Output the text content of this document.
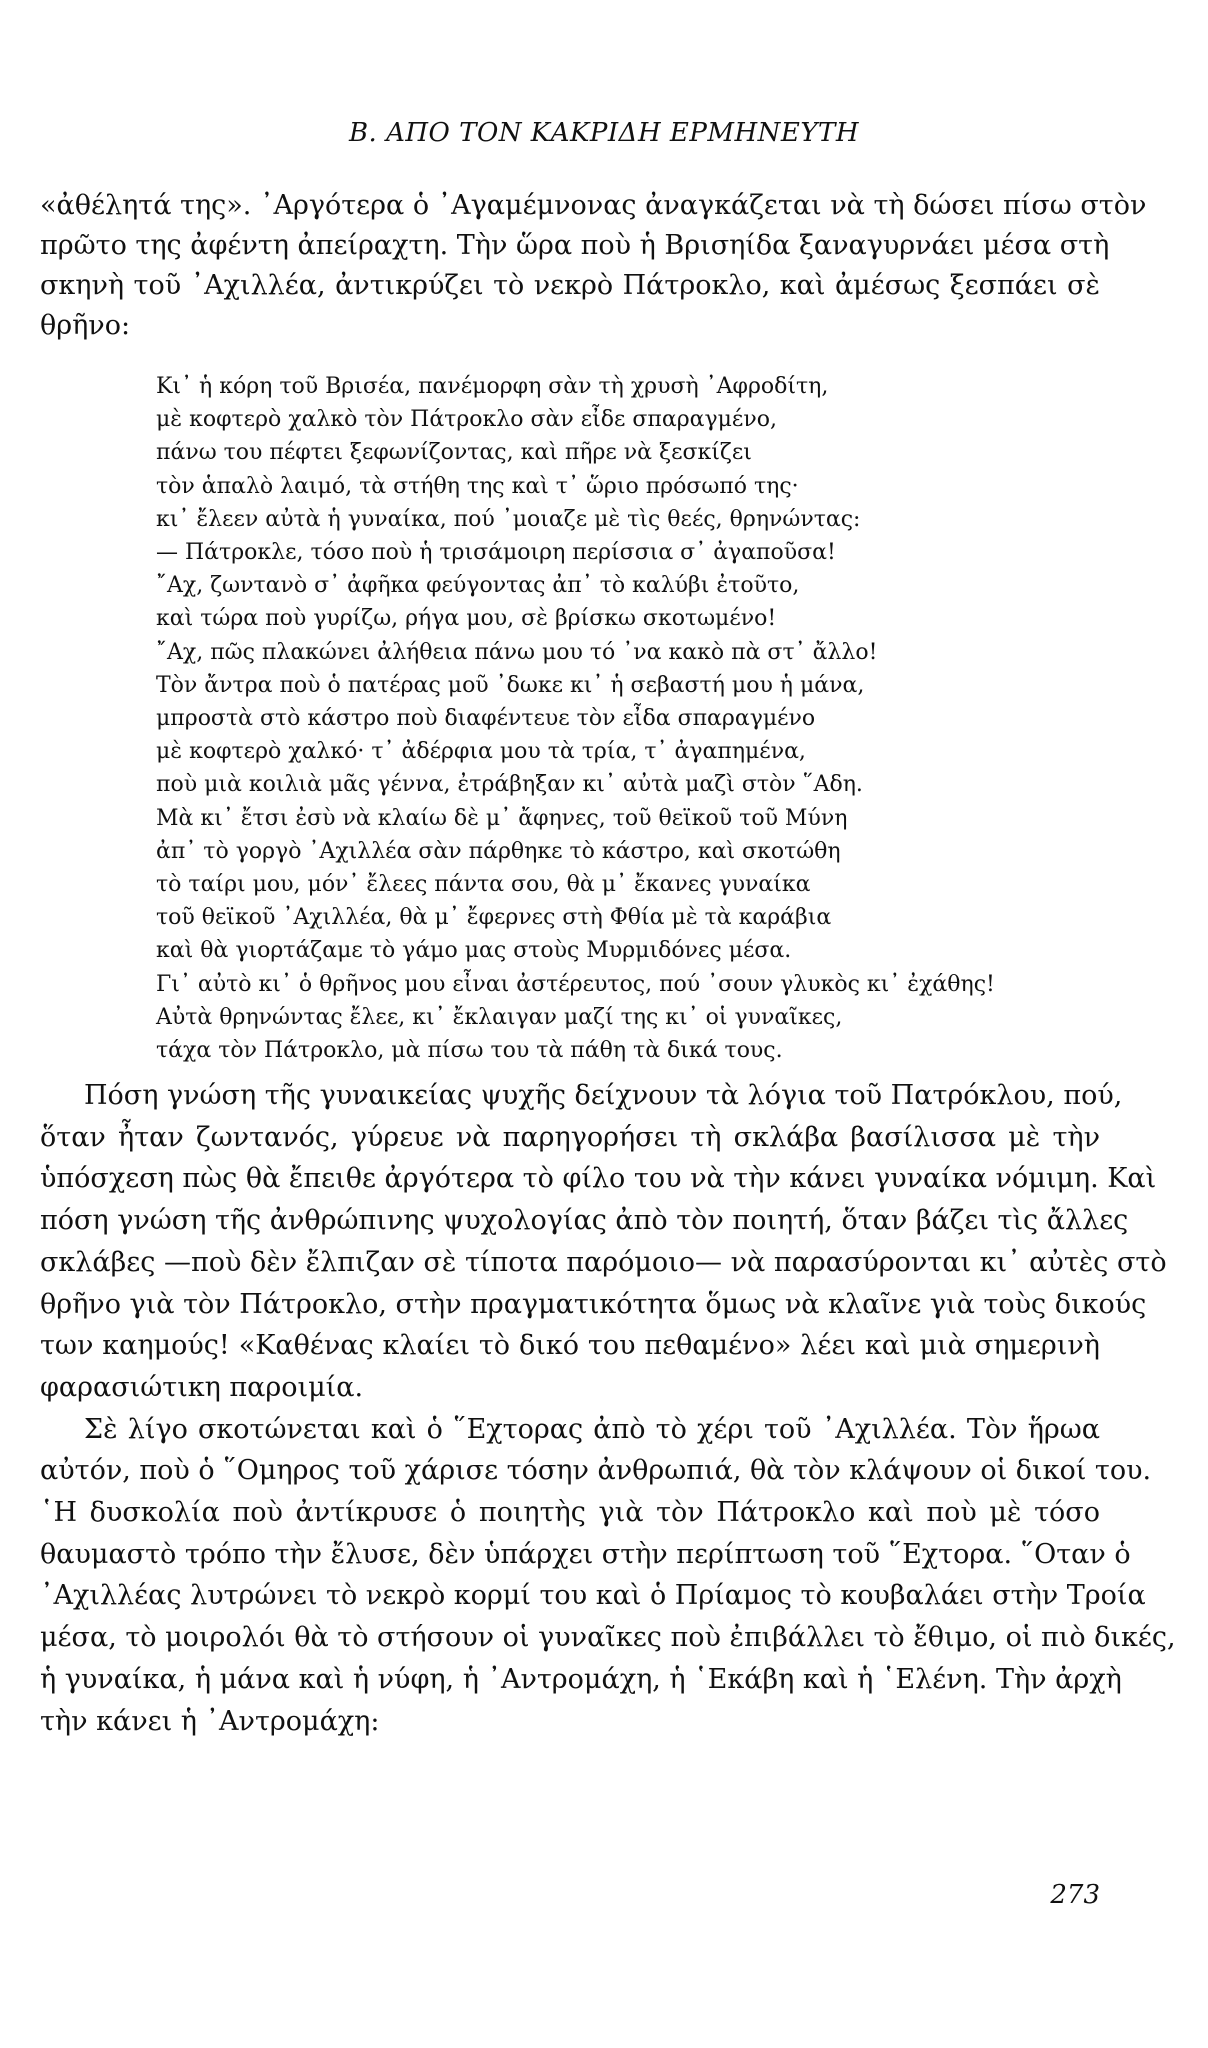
B. ΑΠΟ ΤΟΝ ΚΑΚΡΙΔΗ ΕΡΜΗΝΕΥΤΗ
«ἀθέλητά της». ᾽Αργότερα ὁ ᾽Αγαμέμνονας ἀναγκάζεται νὰ τὴ δώσει πίσω στὸν
πρῶτο της ἀφέντη ἀπείραχτη. Τὴν ὥρα ποὺ ἡ Βρισηίδα ξαναγυρνάει μέσα στὴ
σκηνὴ τοῦ ᾽Αχιλλέα, ἀντικρύζει τὸ νεκρὸ Πάτροκλο, καὶ ἀμέσως ξεσπάει σὲ
θρῆνο:
Κι᾽ ἡ κόρη τοῦ Βρισέα, πανέμορφη σὰν τὴ χρυσὴ ᾽Αφροδίτη,
μὲ κοφτερὸ χαλκὸ τὸν Πάτροκλο σὰν εἶδε σπαραγμένο,
πάνω του πέφτει ξεφωνίζοντας, καὶ πῆρε νὰ ξεσκίζει
τὸν ἁπαλὸ λαιμό, τὰ στήθη της καὶ τ᾽ ὥριο πρόσωπό της·
κι᾽ ἔλεεν αὐτὰ ἡ γυναίκα, πού ᾽μοιαζε μὲ τὶς θεές, θρηνώντας:
— Πάτροκλε, τόσο ποὺ ἡ τρισάμοιρη περίσσια σ᾽ ἀγαποῦσα!
῎Αχ, ζωντανὸ σ᾽ ἀφῆκα φεύγοντας ἀπ᾽ τὸ καλύβι ἐτοῦτο,
καὶ τώρα ποὺ γυρίζω, ρήγα μου, σὲ βρίσκω σκοτωμένο!
῎Αχ, πῶς πλακώνει ἀλήθεια πάνω μου τό ᾽να κακὸ πὰ στ᾽ ἄλλο!
Τὸν ἄντρα ποὺ ὁ πατέρας μοῦ ᾽δωκε κι᾽ ἡ σεβαστή μου ἡ μάνα,
μπροστὰ στὸ κάστρο ποὺ διαφέντευε τὸν εἶδα σπαραγμένο
μὲ κοφτερὸ χαλκό· τ᾽ ἀδέρφια μου τὰ τρία, τ᾽ ἀγαπημένα,
ποὺ μιὰ κοιλιὰ μᾶς γέννα, ἐτράβηξαν κι᾽ αὐτὰ μαζὶ στὸν ῞Αδη.
Μὰ κι᾽ ἔτσι ἐσὺ νὰ κλαίω δὲ μ᾽ ἄφηνες, τοῦ θεϊκοῦ τοῦ Μύνη
ἀπ᾽ τὸ γοργὸ ᾽Αχιλλέα σὰν πάρθηκε τὸ κάστρο, καὶ σκοτώθη
τὸ ταίρι μου, μόν᾽ ἔλεες πάντα σου, θὰ μ᾽ ἔκανες γυναίκα
τοῦ θεϊκοῦ ᾽Αχιλλέα, θὰ μ᾽ ἔφερνες στὴ Φθία μὲ τὰ καράβια
καὶ θὰ γιορτάζαμε τὸ γάμο μας στοὺς Μυρμιδόνες μέσα.
Γι᾽ αὐτὸ κι᾽ ὁ θρῆνος μου εἶναι ἀστέρευτος, πού ᾽σουν γλυκὸς κι᾽ ἐχάθης!
Αὐτὰ θρηνώντας ἔλεε, κι᾽ ἔκλαιγαν μαζί της κι᾽ οἱ γυναῖκες,
τάχα τὸν Πάτροκλο, μὰ πίσω του τὰ πάθη τὰ δικά τους.
Πόση γνώση τῆς γυναικείας ψυχῆς δείχνουν τὰ λόγια τοῦ Πατρόκλου, πού,
ὅταν ἦταν ζωντανός, γύρευε νὰ παρηγορήσει τὴ σκλάβα βασίλισσα μὲ τὴν
ὑπόσχεση πὼς θὰ ἔπειθε ἀργότερα τὸ φίλο του νὰ τὴν κάνει γυναίκα νόμιμη. Καὶ
πόση γνώση τῆς ἀνθρώπινης ψυχολογίας ἀπὸ τὸν ποιητή, ὅταν βάζει τὶς ἄλλες
σκλάβες —ποὺ δὲν ἔλπιζαν σὲ τίποτα παρόμοιο— νὰ παρασύρονται κι᾽ αὐτὲς στὸ
θρῆνο γιὰ τὸν Πάτροκλο, στὴν πραγματικότητα ὅμως νὰ κλαῖνε γιὰ τοὺς δικούς
των καημούς! «Καθένας κλαίει τὸ δικό του πεθαμένο» λέει καὶ μιὰ σημερινὴ
φαρασιώτικη παροιμία.
Σὲ λίγο σκοτώνεται καὶ ὁ ῞Εχτορας ἀπὸ τὸ χέρι τοῦ ᾽Αχιλλέα. Τὸν ἥρωα
αὐτόν, ποὺ ὁ ῞Ομηρος τοῦ χάρισε τόσην ἀνθρωπιά, θὰ τὸν κλάψουν οἱ δικοί του.
῾Η δυσκολία ποὺ ἀντίκρυσε ὁ ποιητὴς γιὰ τὸν Πάτροκλο καὶ ποὺ μὲ τόσο
θαυμαστὸ τρόπο τὴν ἔλυσε, δὲν ὑπάρχει στὴν περίπτωση τοῦ ῞Εχτορα. ῞Οταν ὁ
᾽Αχιλλέας λυτρώνει τὸ νεκρὸ κορμί του καὶ ὁ Πρίαμος τὸ κουβαλάει στὴν Τροία
μέσα, τὸ μοιρολόι θὰ τὸ στήσουν οἱ γυναῖκες ποὺ ἐπιβάλλει τὸ ἔθιμο, οἱ πιὸ δικές,
ἡ γυναίκα, ἡ μάνα καὶ ἡ νύφη, ἡ ᾽Αντρομάχη, ἡ ῾Εκάβη καὶ ἡ ῾Ελένη. Τὴν ἀρχὴ
τὴν κάνει ἡ ᾽Αντρομάχη:
273
